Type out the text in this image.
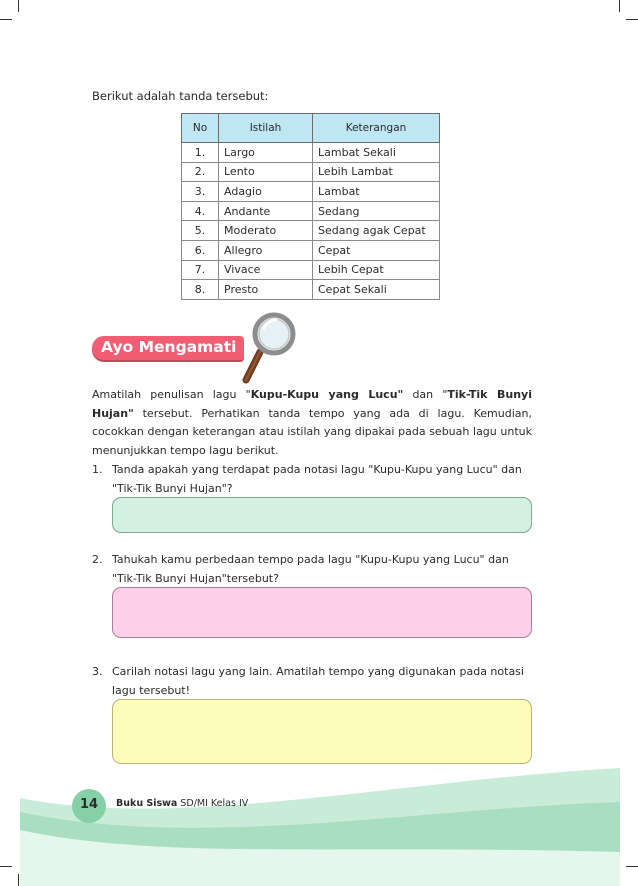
Berikut adalah tanda tersebut:
No	Istilah	Keterangan
1.	Largo	Lambat Sekali
2.	Lento	Lebih Lambat
3.	Adagio	Lambat
4.	Andante	Sedang
5.	Moderato	Sedang agak Cepat
6.	Allegro	Cepat
7.	Vivace	Lebih Cepat
8.	Presto	Cepat Sekali
Ayo Mengamati
Amatilah penulisan lagu "Kupu-Kupu yang Lucu" dan "Tik-Tik Bunyi Hujan" tersebut. Perhatikan tanda tempo yang ada di lagu. Kemudian, cocokkan dengan keterangan atau istilah yang dipakai pada sebuah lagu untuk menunjukkan tempo lagu berikut.
1. Tanda apakah yang terdapat pada notasi lagu "Kupu-Kupu yang Lucu" dan "Tik-Tik Bunyi Hujan"?
2. Tahukah kamu perbedaan tempo pada lagu "Kupu-Kupu yang Lucu" dan "Tik-Tik Bunyi Hujan"tersebut?
3. Carilah notasi lagu yang lain. Amatilah tempo yang digunakan pada notasi lagu tersebut!
14	Buku Siswa SD/MI Kelas IV
